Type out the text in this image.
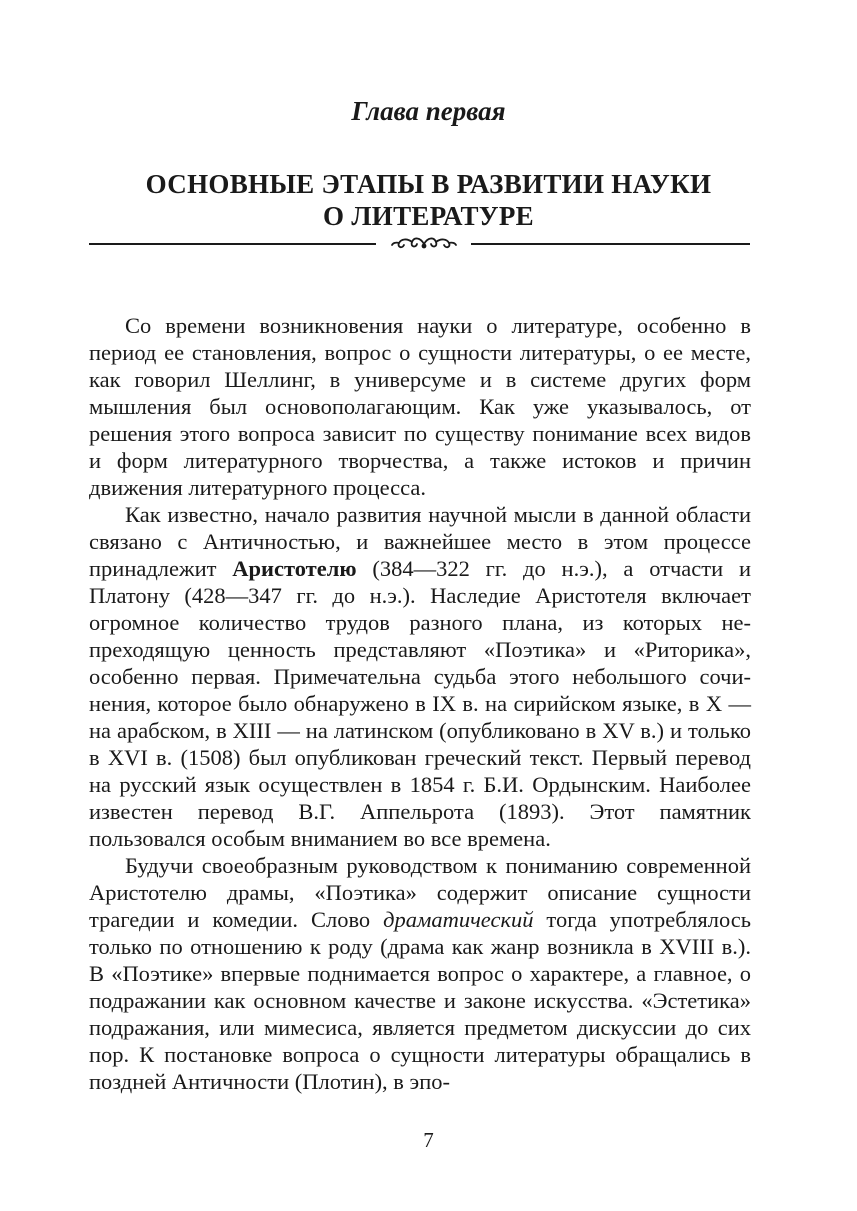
Глава первая
ОСНОВНЫЕ ЭТАПЫ В РАЗВИТИИ НАУКИ
О ЛИТЕРАТУРЕ

Со времени возникновения науки о литературе, особенно в период ее становления, вопрос о сущности литературы, о ее месте, как говорил Шеллинг, в универсуме и в системе других форм мышления был основополагающим. Как уже указывалось, от решения этого вопроса зависит по существу понимание всех видов и форм литературного творчества, а также истоков и причин движения литературного процесса.

Как известно, начало развития научной мысли в данной области связано с Античностью, и важнейшее место в этом процессе принадлежит Аристотелю (384—322 гг. до н.э.), а отчасти и Платону (428—347 гг. до н.э.). Наследие Аристотеля включает огромное количество трудов разного плана, из которых непреходящую ценность представляют «Поэтика» и «Риторика», особенно первая. Примечательна судьба этого небольшого сочинения, которое было обнаружено в IX в. на сирийском языке, в X — на арабском, в XIII — на латинском (опубликовано в XV в.) и только в XVI в. (1508) был опубликован греческий текст. Первый перевод на русский язык осуществлен в 1854 г. Б.И. Ордынским. Наиболее известен перевод В.Г. Аппельрота (1893). Этот памятник пользовался особым вниманием во все времена.

Будучи своеобразным руководством к пониманию современной Аристотелю драмы, «Поэтика» содержит описание сущности трагедии и комедии. Слово драматический тогда употреблялось только по отношению к роду (драма как жанр возникла в XVIII в.). В «Поэтике» впервые поднимается вопрос о характере, а главное, о подражании как основном качестве и законе искусства. «Эстетика» подражания, или мимесиса, является предметом дискуссии до сих пор. К постановке вопроса о сущности литературы обращались в поздней Античности (Плотин), в эпо-

7
